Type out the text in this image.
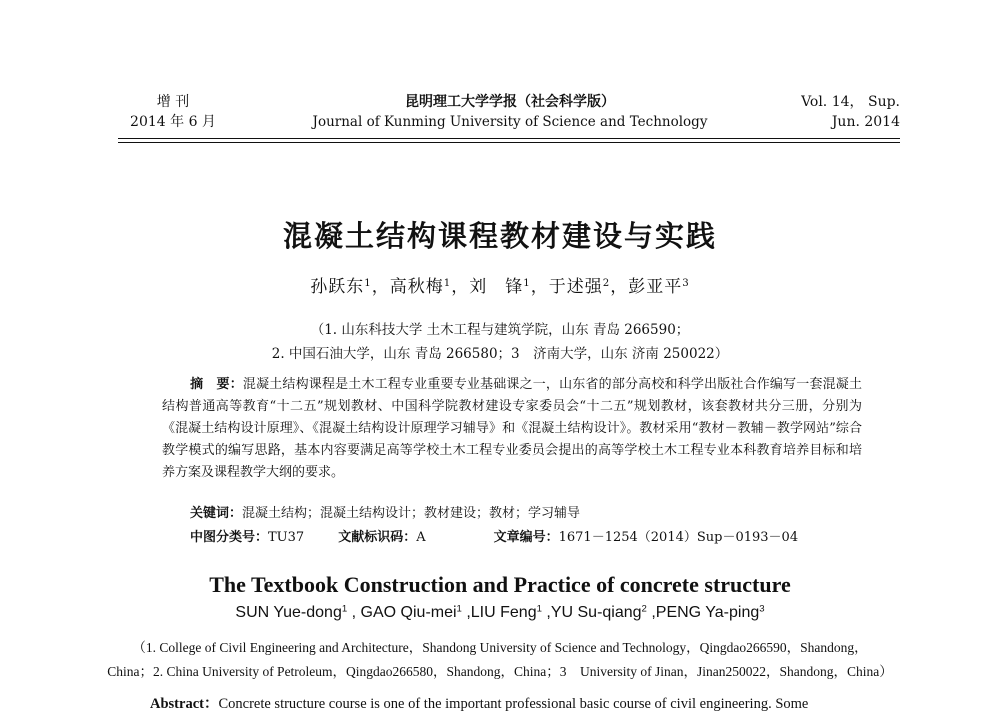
增 刊
2014 年 6 月
昆明理工大学学报（社会科学版）
Journal of Kunming University of Science and Technology
Vol. 14， Sup.
Jun. 2014
混凝土结构课程教材建设与实践
孙跃东$^1$，高秋梅$^1$，刘　锋$^1$，于述强$^2$，彭亚平$^3$
（1. 山东科技大学 土木工程与建筑学院，山东 青岛 266590；
2. 中国石油大学，山东 青岛 266580；3　济南大学，山东 济南 250022）
摘　要：混凝土结构课程是土木工程专业重要专业基础课之一，山东省的部分高校和科学出版社合作编写一套混凝土结构普通高等教育“十二五”规划教材、中国科学院教材建设专家委员会“十二五”规划教材，该套教材共分三册，分别为《混凝土结构设计原理》、《混凝土结构设计原理学习辅导》和《混凝土结构设计》。教材采用“教材－教辅－教学网站”综合教学模式的编写思路，基本内容要满足高等学校土木工程专业委员会提出的高等学校土木工程专业本科教育培养目标和培养方案及课程教学大纲的要求。
关键词：混凝土结构；混凝土结构设计；教材建设；教材；学习辅导
中图分类号：TU37	文献标识码：A	文章编号：1671－1254（2014）Sup－0193－04
The Textbook Construction and Practice of concrete structure
SUN Yue-dong$^1$ , GAO Qiu-mei$^1$ ,LIU Feng$^1$ ,YU Su-qiang$^2$ ,PENG Ya-ping$^3$
（1. College of Civil Engineering and Architecture，Shandong University of Science and Technology，Qingdao266590，Shandong，
China；2. China University of Petroleum，Qingdao266580，Shandong，China；3　University of Jinan，Jinan250022，Shandong，China）
Abstract：Concrete structure course is one of the important professional basic course of civil engineering. Some
